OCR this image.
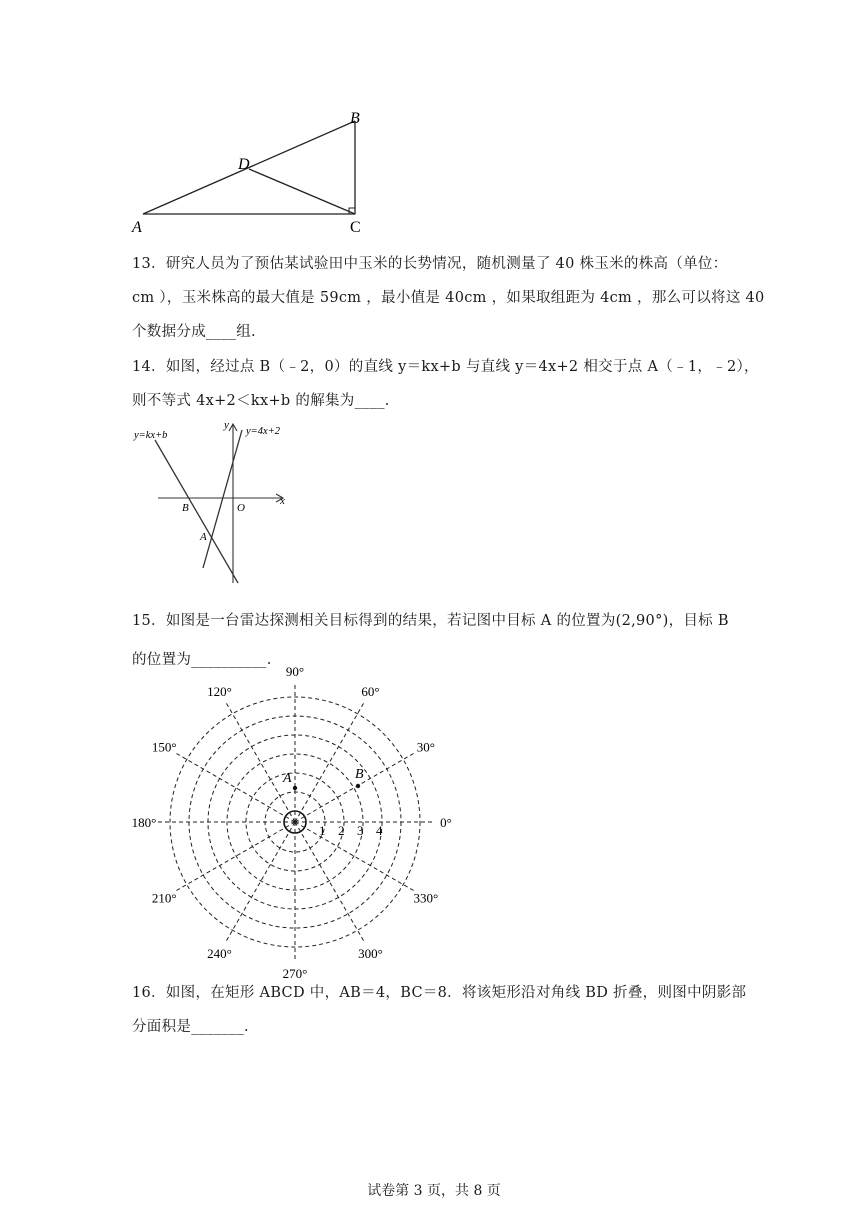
A
B
C
D
13．研究人员为了预估某试验田中玉米的长势情况，随机测量了 40 株玉米的株高（单位：
cm ），玉米株高的最大值是 59cm ，最小值是 40cm ，如果取组距为 4cm ，那么可以将这 40
个数据分成____组.
14．如图，经过点 B（﹣2，0）的直线 y＝kx+b 与直线 y＝4x+2 相交于点 A（﹣1，﹣2），
则不等式 4x+2＜kx+b 的解集为____.
y=kx+b	y=4x+2
y
x
B	O
A
15．如图是一台雷达探测相关目标得到的结果，若记图中目标 A 的位置为(2,90°)，目标 B
的位置为__________.
0°
30°
60°
90°
120°
150°
180°
210°
240°
270°
300°
330°
1 2 3 4
A	B
16．如图，在矩形 ABCD 中，AB＝4，BC＝8．将该矩形沿对角线 BD 折叠，则图中阴影部
分面积是_______.
试卷第 3 页，共 8 页
